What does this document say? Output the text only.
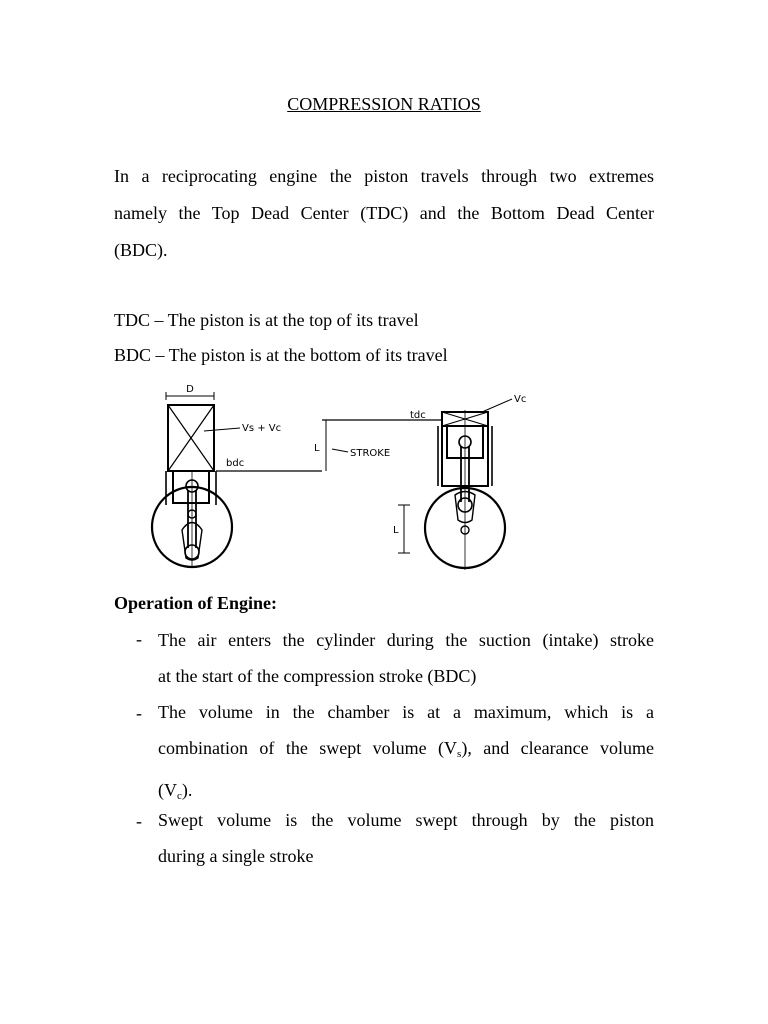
COMPRESSION RATIOS
In a reciprocating engine the piston travels through two extremes
namely the Top Dead Center (TDC) and the Bottom Dead Center
(BDC).
TDC – The piston is at the top of its travel
BDC – The piston is at the bottom of its travel
D
Vs + Vc
bdc
tdc
L	STROKE
L
Vc
Operation of Engine:
- The air enters the cylinder during the suction (intake) stroke
at the start of the compression stroke (BDC)
- The volume in the chamber is at a maximum, which is a
combination of the swept volume $(V_s)$, and clearance volume
$(V_c)$.
- Swept volume is the volume swept through by the piston
during a single stroke
